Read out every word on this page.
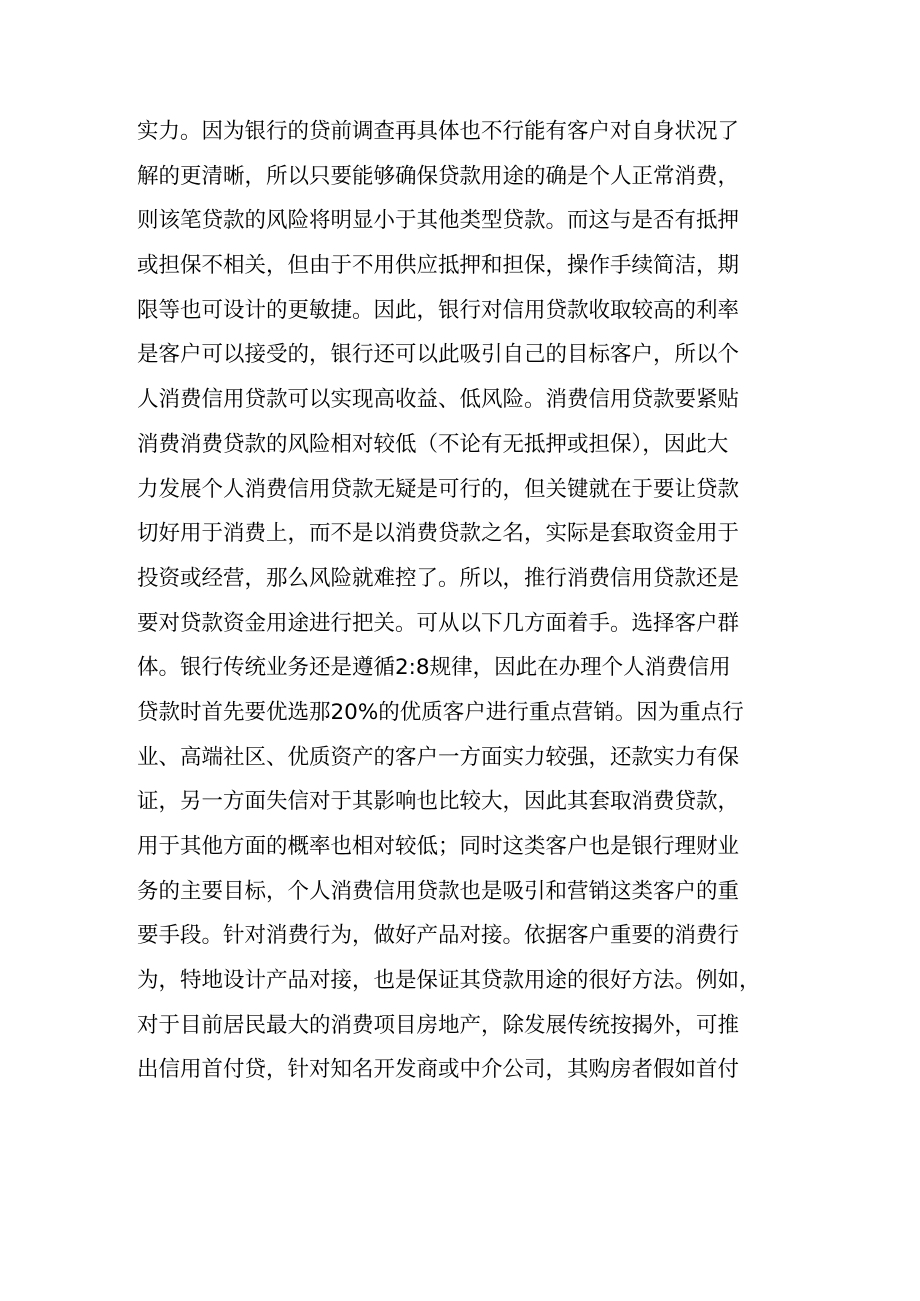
实力。因为银行的贷前调查再具体也不行能有客户对自身状况了
解的更清晰，所以只要能够确保贷款用途的确是个人正常消费，
则该笔贷款的风险将明显小于其他类型贷款。而这与是否有抵押
或担保不相关，但由于不用供应抵押和担保，操作手续简洁，期
限等也可设计的更敏捷。因此，银行对信用贷款收取较高的利率
是客户可以接受的，银行还可以此吸引自己的目标客户，所以个
人消费信用贷款可以实现高收益、低风险。消费信用贷款要紧贴
消费消费贷款的风险相对较低（不论有无抵押或担保），因此大
力发展个人消费信用贷款无疑是可行的，但关键就在于要让贷款
切好用于消费上，而不是以消费贷款之名，实际是套取资金用于
投资或经营，那么风险就难控了。所以，推行消费信用贷款还是
要对贷款资金用途进行把关。可从以下几方面着手。选择客户群
体。银行传统业务还是遵循2:8规律，因此在办理个人消费信用
贷款时首先要优选那20%的优质客户进行重点营销。因为重点行
业、高端社区、优质资产的客户一方面实力较强，还款实力有保
证，另一方面失信对于其影响也比较大，因此其套取消费贷款，
用于其他方面的概率也相对较低；同时这类客户也是银行理财业
务的主要目标，个人消费信用贷款也是吸引和营销这类客户的重
要手段。针对消费行为，做好产品对接。依据客户重要的消费行
为，特地设计产品对接，也是保证其贷款用途的很好方法。例如，
对于目前居民最大的消费项目房地产，除发展传统按揭外，可推
出信用首付贷，针对知名开发商或中介公司，其购房者假如首付
